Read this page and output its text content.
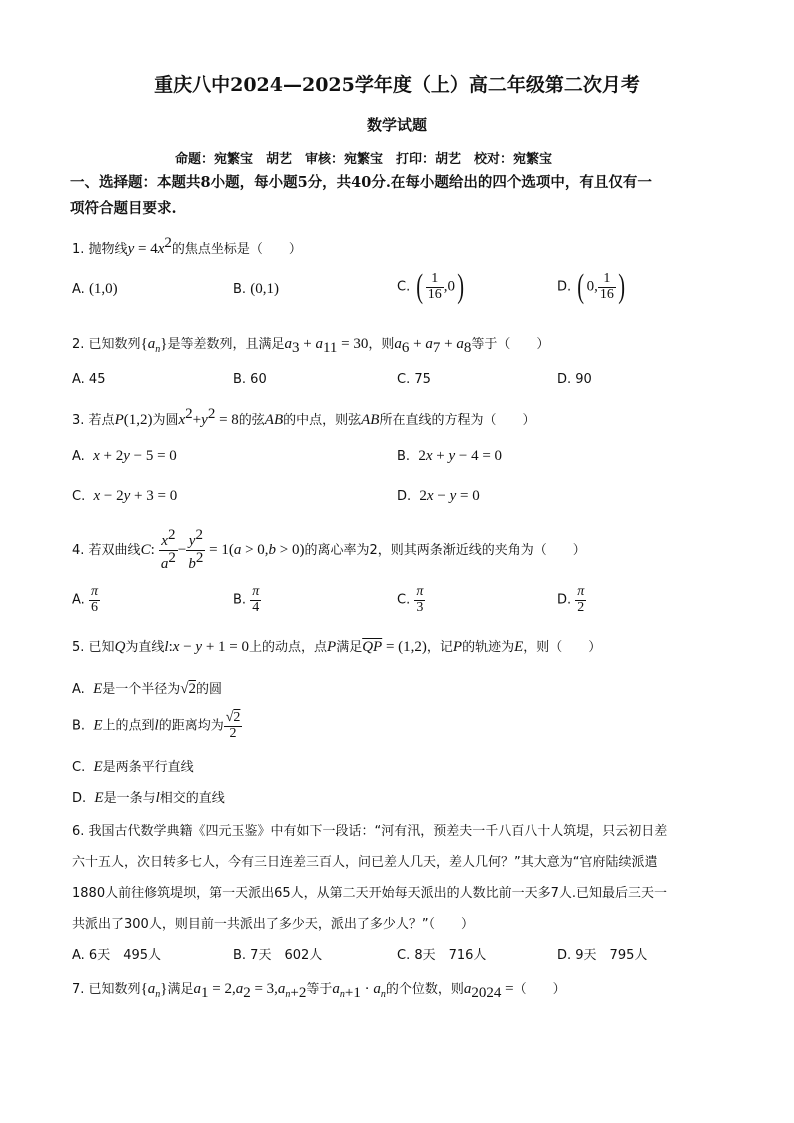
重庆八中2024—2025学年度（上）高二年级第二次月考
数学试题
命题：宛繁宝　胡艺　审核：宛繁宝　打印：胡艺　校对：宛繁宝
一、选择题：本题共8小题，每小题5分，共40分.在每小题给出的四个选项中，有且仅有一
项符合题目要求.
1. 抛物线$y = 4x^2$的焦点坐标是（　　）
A. (1,0)	B. (0,1)	C. ( $\frac{1}{16} ,0$)	D. ( 0, $\frac{1}{16}$ )
2. 已知数列$\{a_n\}$是等差数列，且满足$a_3 + a_{11} = 30$，则$a_6 + a_7 + a_8$等于（　　）
A. 45	B. 60	C. 75	D. 90
3. 若点P(1,2)为圆$x^2+y^2 = 8$的弦AB的中点，则弦AB所在直线的方程为（　　）
A. x + 2y − 5 = 0	B. 2x + y − 4 = 0
C. x − 2y + 3 = 0	D. 2x − y = 0
4. 若双曲线C: $\frac{x^2}{a^2} - \frac{y^2}{b^2} = 1(a > 0,b > 0)$的离心率为2，则其两条渐近线的夹角为（　　）
A. $\frac{\pi}{6}$	B. $\frac{\pi}{4}$	C. $\frac{\pi}{3}$	D. $\frac{\pi}{2}$
5. 已知Q为直线l:x − y + 1 = 0上的动点，点P满足$\overline{QP} = (1,2)$，记P的轨迹为E，则（　　）
A. E是一个半径为√2的圆
B. E上的点到l的距离均为 $\frac{√2}{2}$
C. E是两条平行直线
D. E是一条与l相交的直线
6. 我国古代数学典籍《四元玉鉴》中有如下一段话：“河有汛，预差夫一千八百八十人筑堤，只云初日差
六十五人，次日转多七人，今有三日连差三百人，问已差人几天，差人几何？”其大意为“官府陆续派遣
1880人前往修筑堤坝，第一天派出65人，从第二天开始每天派出的人数比前一天多7人.已知最后三天一
共派出了300人，则目前一共派出了多少天，派出了多少人？”（　　）
A. 6天　495人	B. 7天　602人	C. 8天　716人	D. 9天　795人
7. 已知数列$\{a_n\}$满足$a_1 = 2,a_2 = 3,a_{n+2}$等于$a_{n+1} \cdot a_n$的个位数，则$a_{2024}$ =（　　）
